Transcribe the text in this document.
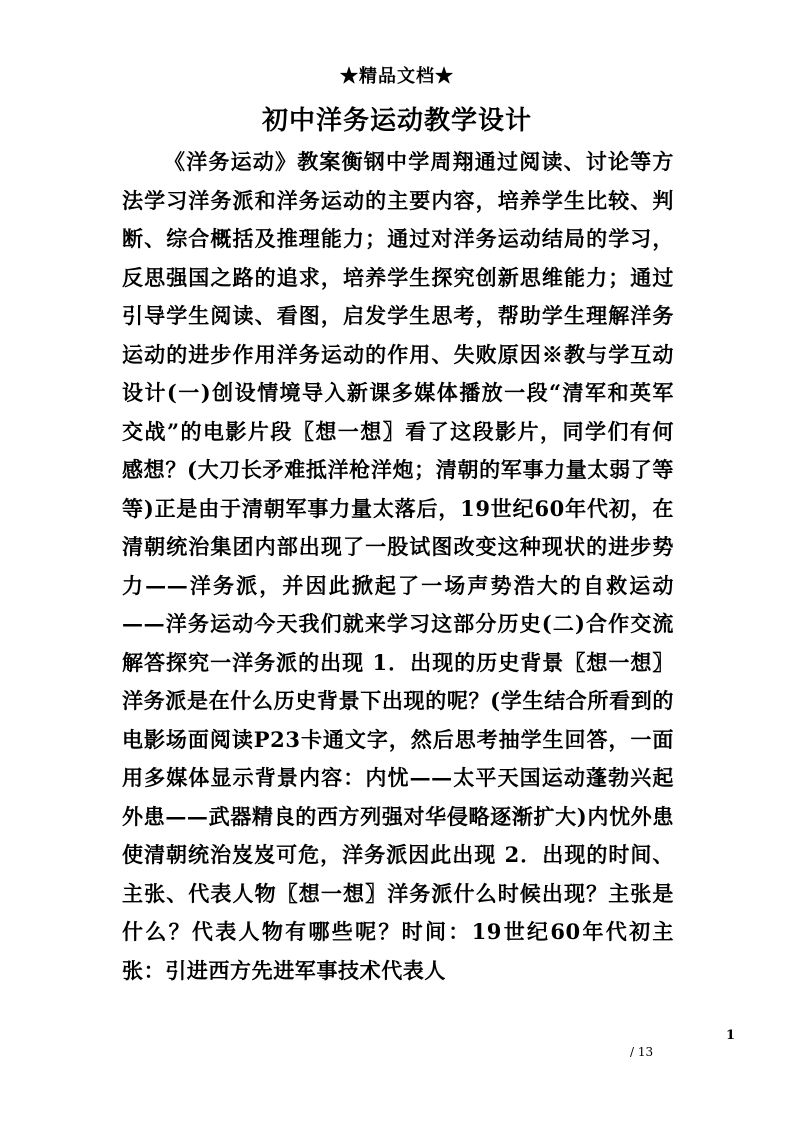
★精品文档★
初中洋务运动教学设计

《洋务运动》教案衡钢中学周翔通过阅读、讨论等方法学习洋务派和洋务运动的主要内容，培养学生比较、判断、综合概括及推理能力；通过对洋务运动结局的学习，反思强国之路的追求，培养学生探究创新思维能力；通过引导学生阅读、看图，启发学生思考，帮助学生理解洋务运动的进步作用洋务运动的作用、失败原因※教与学互动设计(一)创设情境导入新课多媒体播放一段“清军和英军交战”的电影片段〖想一想〗看了这段影片，同学们有何感想？(大刀长矛难抵洋枪洋炮；清朝的军事力量太弱了等等)正是由于清朝军事力量太落后，19世纪60年代初，在清朝统治集团内部出现了一股试图改变这种现状的进步势力——洋务派，并因此掀起了一场声势浩大的自救运动——洋务运动今天我们就来学习这部分历史(二)合作交流解答探究一洋务派的出现 1．出现的历史背景〖想一想〗洋务派是在什么历史背景下出现的呢？(学生结合所看到的电影场面阅读P23卡通文字，然后思考抽学生回答，一面用多媒体显示背景内容：内忧——太平天国运动蓬勃兴起外患——武器精良的西方列强对华侵略逐渐扩大)内忧外患使清朝统治岌岌可危，洋务派因此出现 2．出现的时间、主张、代表人物〖想一想〗洋务派什么时候出现？主张是什么？代表人物有哪些呢？时间：19世纪60年代初主张：引进西方先进军事技术代表人

1
/ 13
